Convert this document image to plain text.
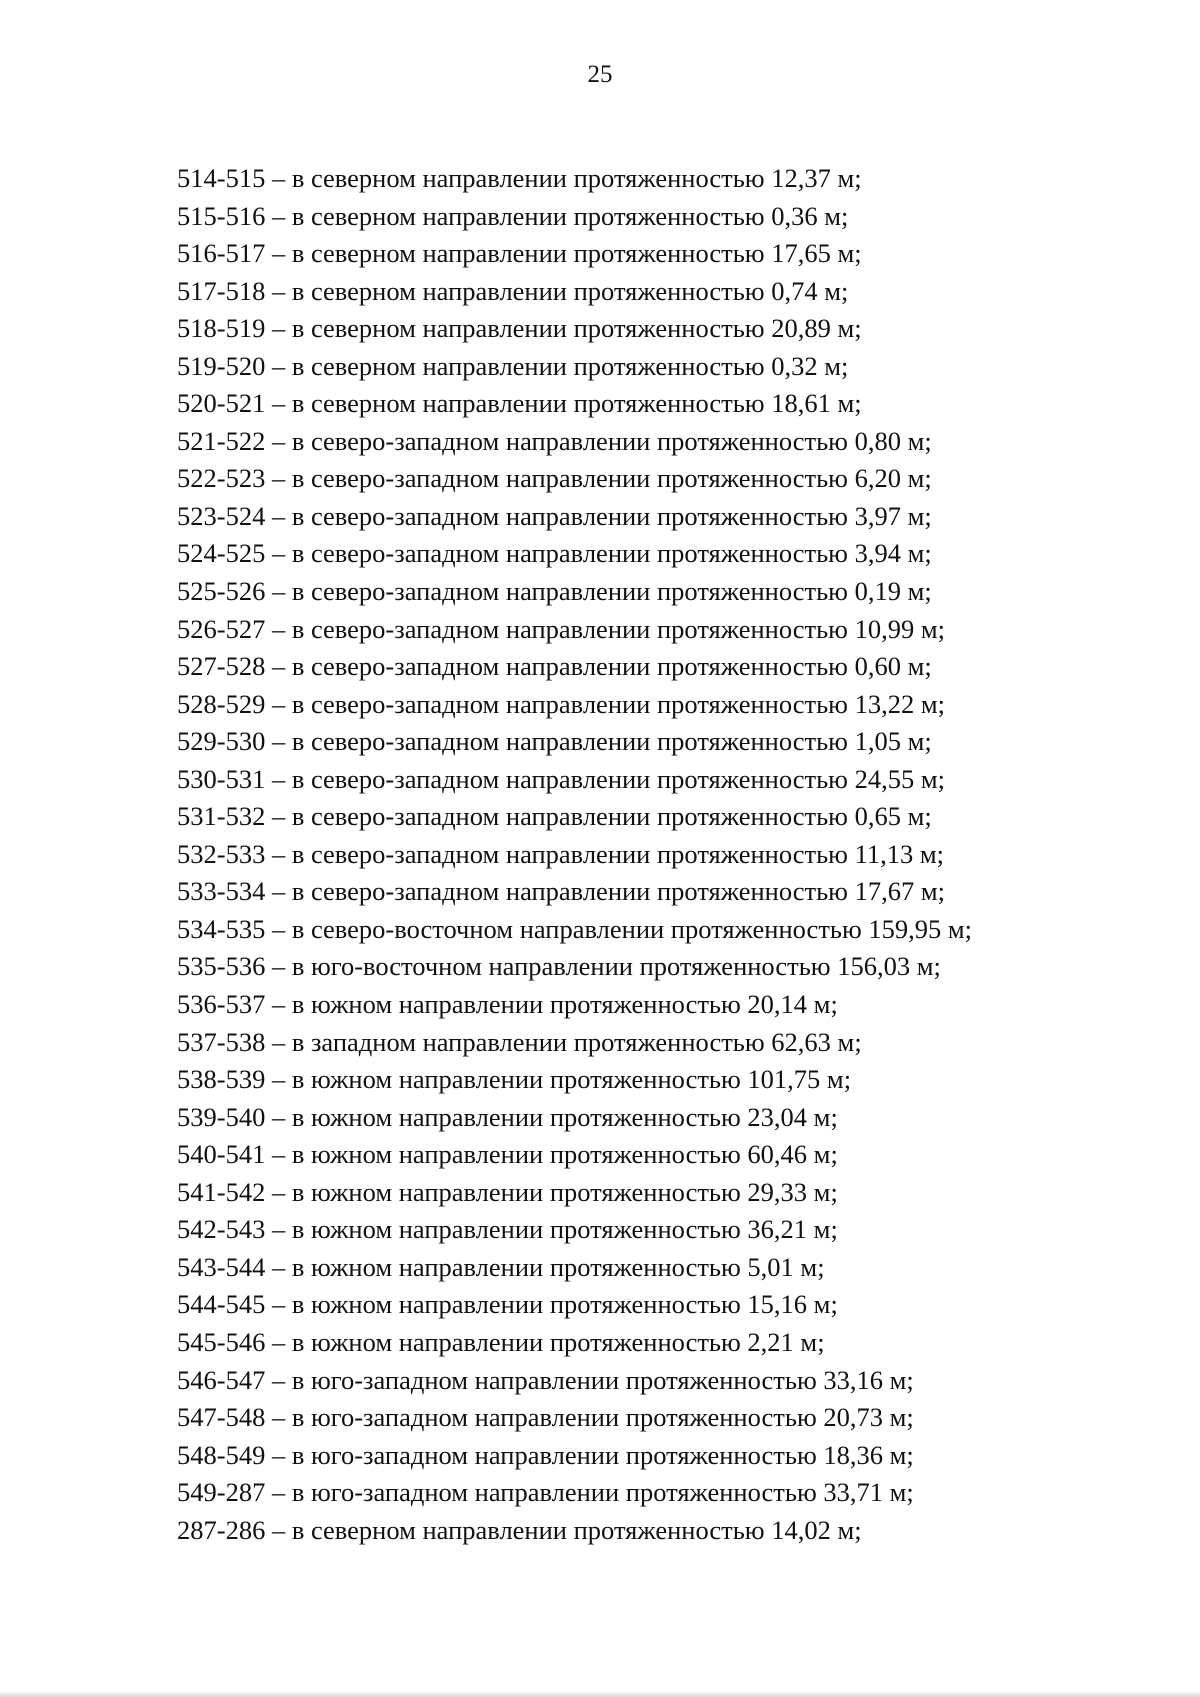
25
514-515 – в северном направлении протяженностью 12,37 м;
515-516 – в северном направлении протяженностью 0,36 м;
516-517 – в северном направлении протяженностью 17,65 м;
517-518 – в северном направлении протяженностью 0,74 м;
518-519 – в северном направлении протяженностью 20,89 м;
519-520 – в северном направлении протяженностью 0,32 м;
520-521 – в северном направлении протяженностью 18,61 м;
521-522 – в северо-западном направлении протяженностью 0,80 м;
522-523 – в северо-западном направлении протяженностью 6,20 м;
523-524 – в северо-западном направлении протяженностью 3,97 м;
524-525 – в северо-западном направлении протяженностью 3,94 м;
525-526 – в северо-западном направлении протяженностью 0,19 м;
526-527 – в северо-западном направлении протяженностью 10,99 м;
527-528 – в северо-западном направлении протяженностью 0,60 м;
528-529 – в северо-западном направлении протяженностью 13,22 м;
529-530 – в северо-западном направлении протяженностью 1,05 м;
530-531 – в северо-западном направлении протяженностью 24,55 м;
531-532 – в северо-западном направлении протяженностью 0,65 м;
532-533 – в северо-западном направлении протяженностью 11,13 м;
533-534 – в северо-западном направлении протяженностью 17,67 м;
534-535 – в северо-восточном направлении протяженностью 159,95 м;
535-536 – в юго-восточном направлении протяженностью 156,03 м;
536-537 – в южном направлении протяженностью 20,14 м;
537-538 – в западном направлении протяженностью 62,63 м;
538-539 – в южном направлении протяженностью 101,75 м;
539-540 – в южном направлении протяженностью 23,04 м;
540-541 – в южном направлении протяженностью 60,46 м;
541-542 – в южном направлении протяженностью 29,33 м;
542-543 – в южном направлении протяженностью 36,21 м;
543-544 – в южном направлении протяженностью 5,01 м;
544-545 – в южном направлении протяженностью 15,16 м;
545-546 – в южном направлении протяженностью 2,21 м;
546-547 – в юго-западном направлении протяженностью 33,16 м;
547-548 – в юго-западном направлении протяженностью 20,73 м;
548-549 – в юго-западном направлении протяженностью 18,36 м;
549-287 – в юго-западном направлении протяженностью 33,71 м;
287-286 – в северном направлении протяженностью 14,02 м;
